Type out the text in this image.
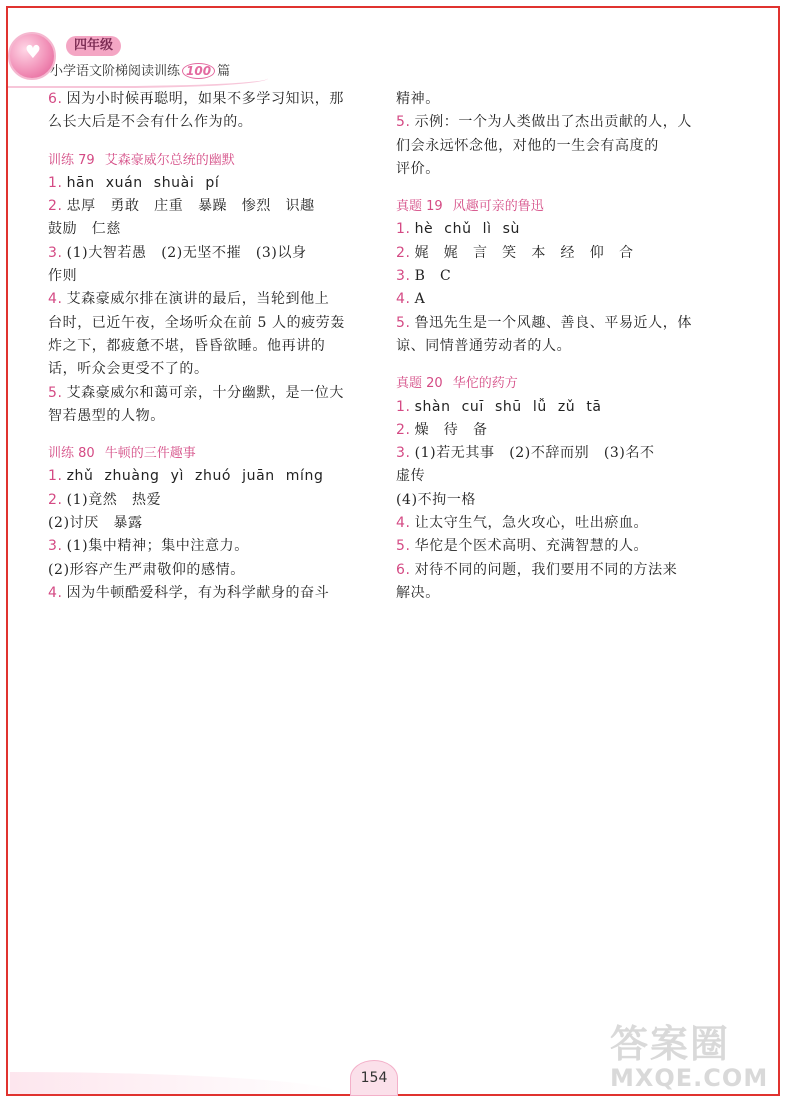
♥	四年级
小学语文阶梯阅读训练 100 篇
6. 因为小时候再聪明，如果不多学习知识，那
么长大后是不会有什么作为的。
训练 79 艾森豪威尔总统的幽默
1. hān xuán shuài pí
2. 忠厚　勇敢　庄重　暴躁　惨烈　识趣
鼓励　仁慈
3. (1)大智若愚　(2)无坚不摧　(3)以身
作则
4. 艾森豪威尔排在演讲的最后，当轮到他上
台时，已近午夜，全场听众在前 5 人的疲劳轰
炸之下，都疲惫不堪，昏昏欲睡。他再讲的
话，听众会更受不了的。
5. 艾森豪威尔和蔼可亲，十分幽默，是一位大
智若愚型的人物。
训练 80 牛顿的三件趣事
1. zhǔ zhuàng yì zhuó juān míng
2. (1)竟然　热爱
(2)讨厌　暴露
3. (1)集中精神；集中注意力。
(2)形容产生严肃敬仰的感情。
4. 因为牛顿酷爱科学，有为科学献身的奋斗
精神。
5. 示例：一个为人类做出了杰出贡献的人，人
们会永远怀念他，对他的一生会有高度的
评价。
真题 19 风趣可亲的鲁迅
1. hè chǔ lì sù
2. 娓　娓　言　笑　本　经　仰　合
3. B　C
4. A
5. 鲁迅先生是一个风趣、善良、平易近人，体
谅、同情普通劳动者的人。
真题 20 华佗的药方
1. shàn cuī shū lǚ zǔ tā
2. 燥　待　备
3. (1)若无其事　(2)不辞而别　(3)名不
虚传
(4)不拘一格
4. 让太守生气，急火攻心，吐出瘀血。
5. 华佗是个医术高明、充满智慧的人。
6. 对待不同的问题，我们要用不同的方法来
解决。
154
答案圈
MXQE.COM
